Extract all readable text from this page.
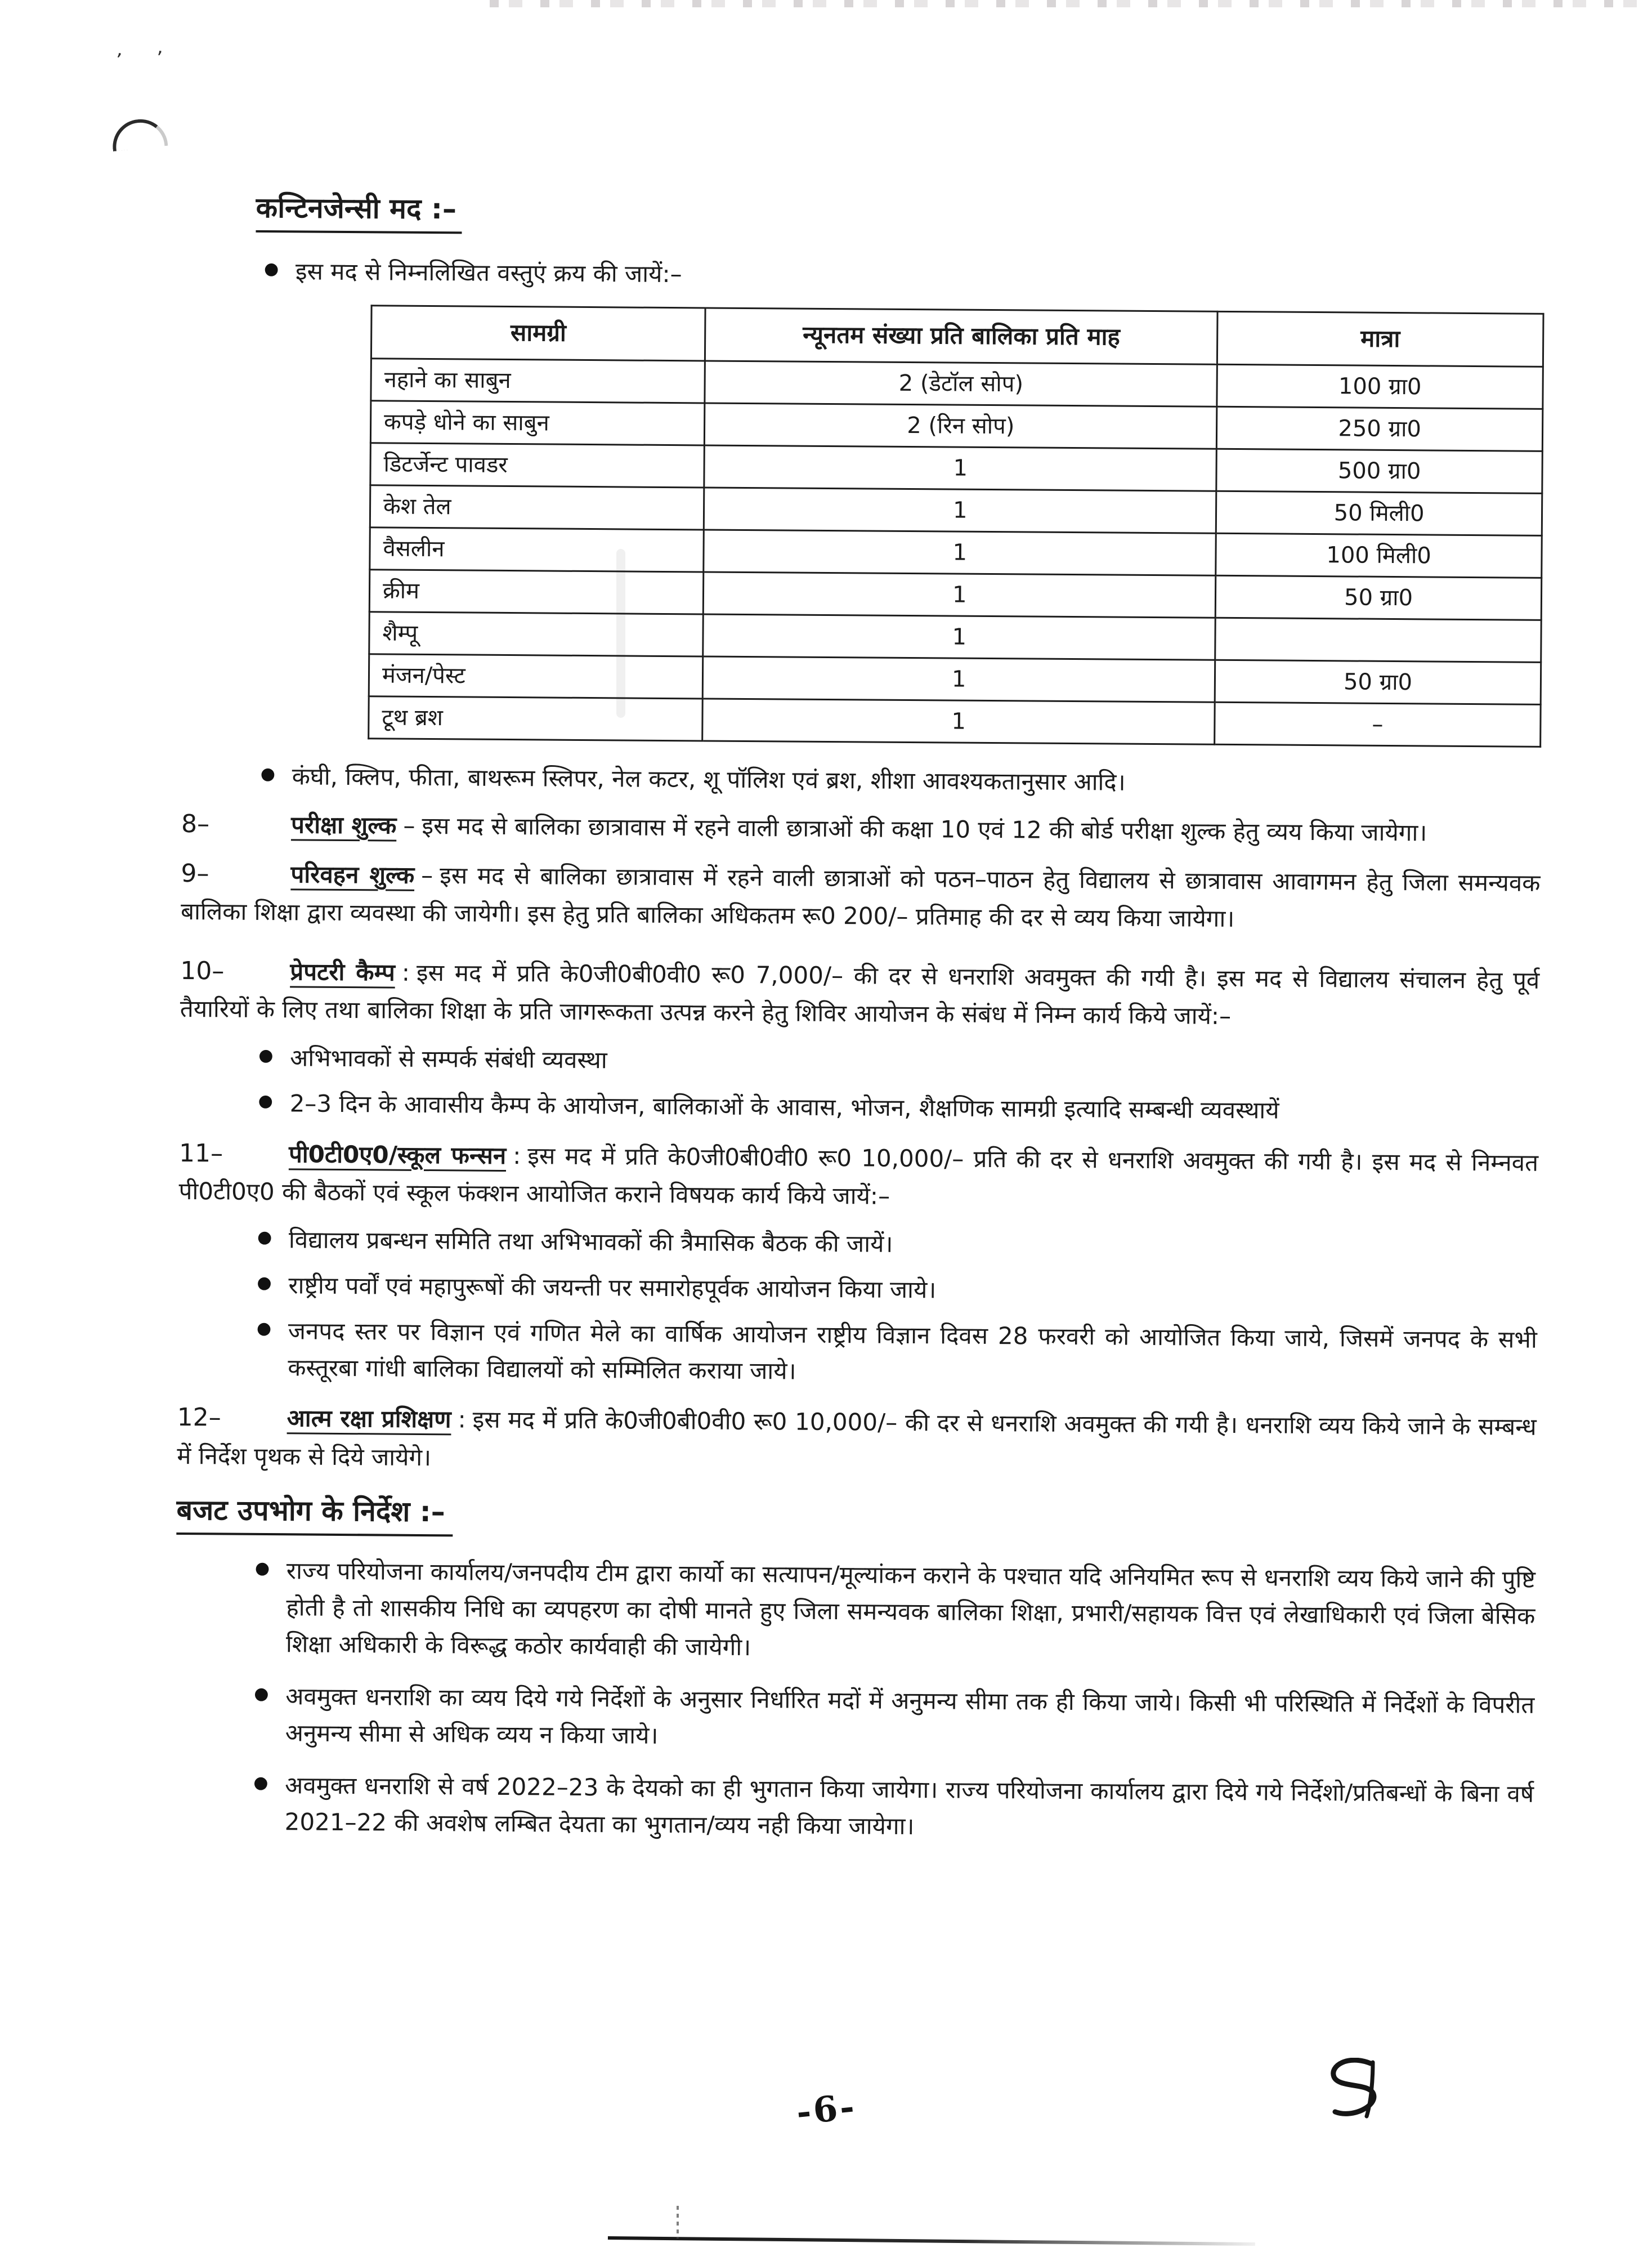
’ ’
कन्टिनजेन्सी मद :–
● इस मद से निम्नलिखित वस्तुएं क्रय की जायें:–
सामग्री	न्यूनतम संख्या प्रति बालिका प्रति माह	मात्रा
नहाने का साबुन	2 (डेटॉल सोप)	100 ग्रा0
कपड़े धोने का साबुन	2 (रिन सोप)	250 ग्रा0
डिटर्जेन्ट पावडर	1	500 ग्रा0
केश तेल	1	50 मिली0
वैसलीन	1	100 मिली0
क्रीम	1	50 ग्रा0
शैम्पू	1	
मंजन/पेस्ट	1	50 ग्रा0
टूथ ब्रश	1	–
● कंघी, क्लिप, फीता, बाथरूम स्लिपर, नेल कटर, शू पॉलिश एवं ब्रश, शीशा आवश्यकतानुसार आदि।

8–	परीक्षा शुल्क – इस मद से बालिका छात्रावास में रहने वाली छात्राओं की कक्षा 10 एवं 12 की बोर्ड परीक्षा शुल्क हेतु व्यय किया जायेगा।

9–	परिवहन शुल्क – इस मद से बालिका छात्रावास में रहने वाली छात्राओं को पठन–पाठन हेतु विद्यालय से छात्रावास आवागमन हेतु जिला समन्यवक बालिका शिक्षा द्वारा व्यवस्था की जायेगी। इस हेतु प्रति बालिका अधिकतम रू0 200/– प्रतिमाह की दर से व्यय किया जायेगा।

10–	प्रेपटरी कैम्प : इस मद में प्रति के0जी0बी0वी0 रू0 7,000/– की दर से धनराशि अवमुक्त की गयी है। इस मद से विद्यालय संचालन हेतु पूर्व तैयारियों के लिए तथा बालिका शिक्षा के प्रति जागरूकता उत्पन्न करने हेतु शिविर आयोजन के संबंध में निम्न कार्य किये जायें:–

● अभिभावकों से सम्पर्क संबंधी व्यवस्था
● 2–3 दिन के आवासीय कैम्प के आयोजन, बालिकाओं के आवास, भोजन, शैक्षणिक सामग्री इत्यादि सम्बन्धी व्यवस्थायें

11–	पी0टी0ए0/स्कूल फन्सन : इस मद में प्रति के0जी0बी0वी0 रू0 10,000/– प्रति की दर से धनराशि अवमुक्त की गयी है। इस मद से निम्नवत पी0टी0ए0 की बैठकों एवं स्कूल फंक्शन आयोजित कराने विषयक कार्य किये जायें:–

● विद्यालय प्रबन्धन समिति तथा अभिभावकों की त्रैमासिक बैठक की जायें।
● राष्ट्रीय पर्वों एवं महापुरूषों की जयन्ती पर समारोहपूर्वक आयोजन किया जाये।
● जनपद स्तर पर विज्ञान एवं गणित मेले का वार्षिक आयोजन राष्ट्रीय विज्ञान दिवस 28 फरवरी को आयोजित किया जाये, जिसमें जनपद के सभी कस्तूरबा गांधी बालिका विद्यालयों को सम्मिलित कराया जाये।

12–	आत्म रक्षा प्रशिक्षण : इस मद में प्रति के0जी0बी0वी0 रू0 10,000/– की दर से धनराशि अवमुक्त की गयी है। धनराशि व्यय किये जाने के सम्बन्ध में निर्देश पृथक से दिये जायेगे।

बजट उपभोग के निर्देश :–
● राज्य परियोजना कार्यालय/जनपदीय टीम द्वारा कार्यो का सत्यापन/मूल्यांकन कराने के पश्चात यदि अनियमित रूप से धनराशि व्यय किये जाने की पुष्टि होती है तो शासकीय निधि का व्यपहरण का दोषी मानते हुए जिला समन्यवक बालिका शिक्षा, प्रभारी/सहायक वित्त एवं लेखाधिकारी एवं जिला बेसिक शिक्षा अधिकारी के विरूद्ध कठोर कार्यवाही की जायेगी।
● अवमुक्त धनराशि का व्यय दिये गये निर्देशों के अनुसार निर्धारित मदों में अनुमन्य सीमा तक ही किया जाये। किसी भी परिस्थिति में निर्देशों के विपरीत अनुमन्य सीमा से अधिक व्यय न किया जाये।
● अवमुक्त धनराशि से वर्ष 2022–23 के देयको का ही भुगतान किया जायेगा। राज्य परियोजना कार्यालय द्वारा दिये गये निर्देशो/प्रतिबन्धों के बिना वर्ष 2021–22 की अवशेष लम्बित देयता का भुगतान/व्यय नही किया जायेगा।
-6-
